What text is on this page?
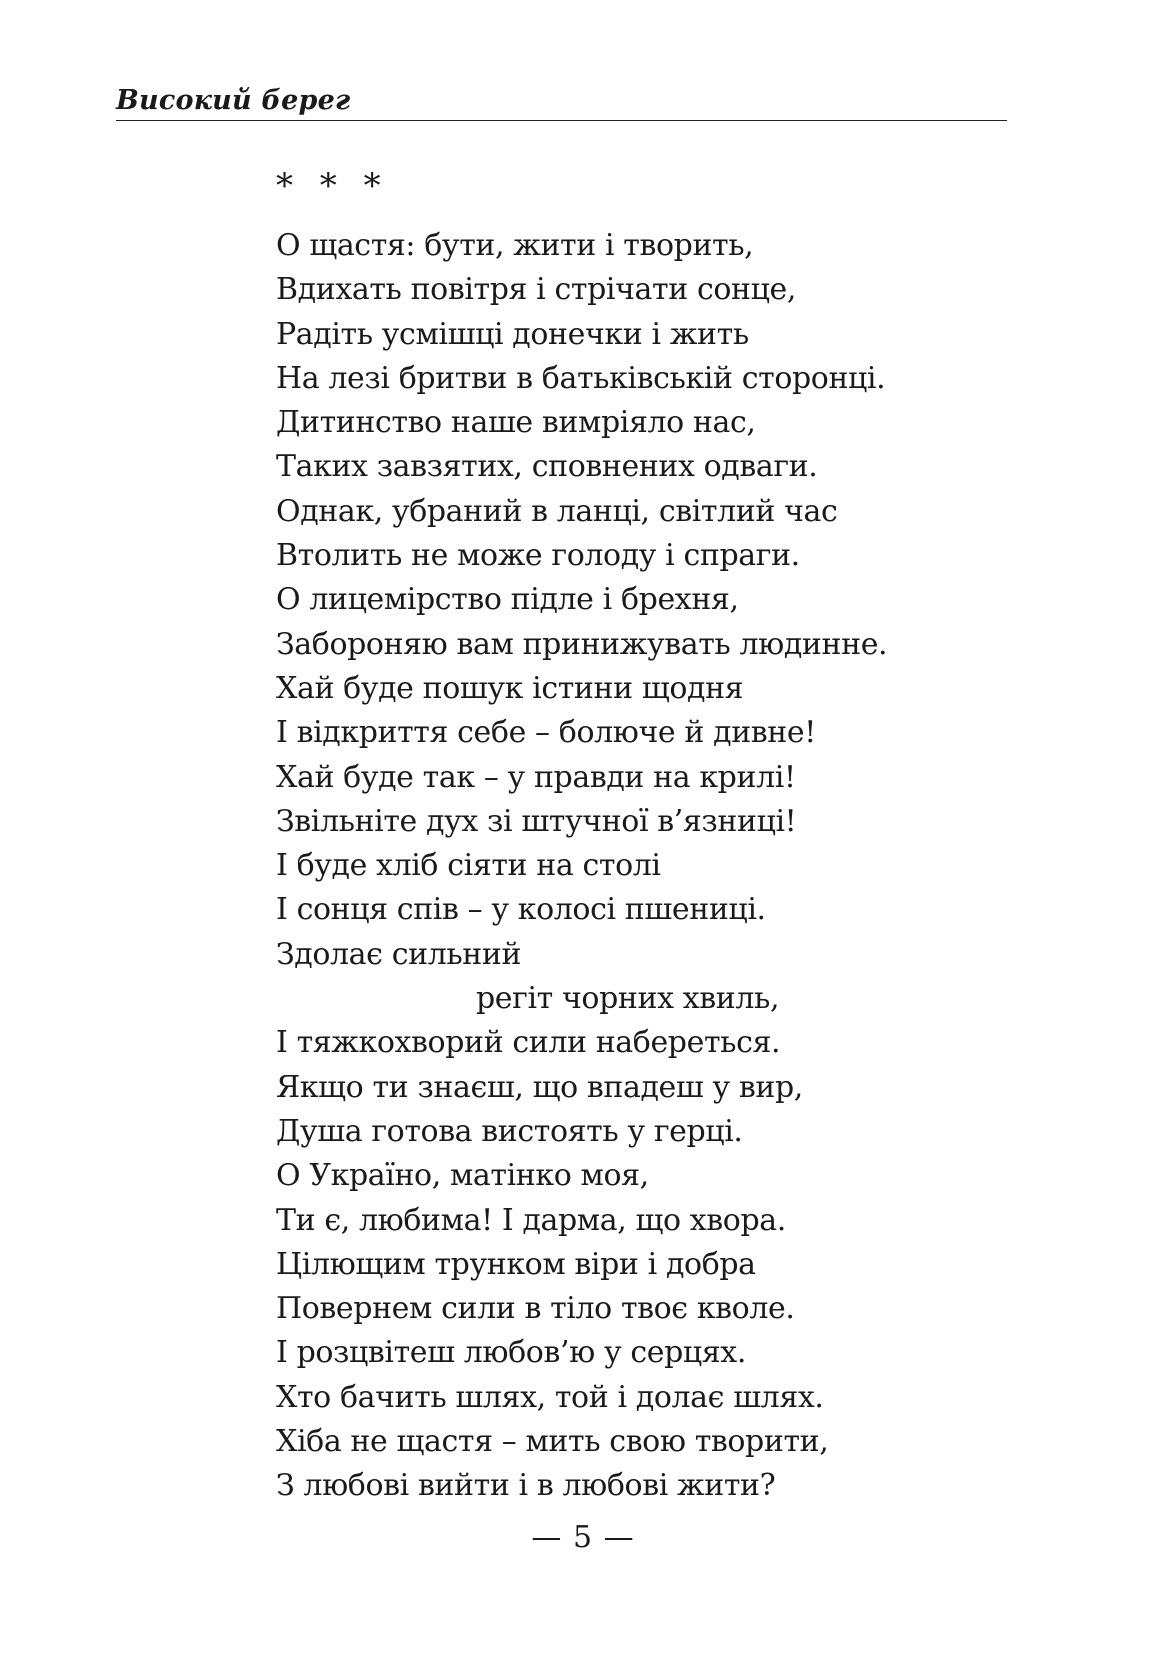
Високий берег
* * *
О щастя: бути, жити і творить,
Вдихать повітря і стрічати сонце,
Радіть усмішці донечки і жить
На лезі бритви в батьківській сторонці.
Дитинство наше вимріяло нас,
Таких завзятих, сповнених одваги.
Однак, убраний в ланці, світлий час
Втолить не може голоду і спраги.
О лицемірство підле і брехня,
Забороняю вам принижувать людинне.
Хай буде пошук істини щодня
І відкриття себе – болюче й дивне!
Хай буде так – у правди на крилі!
Звільніте дух зі штучної в’язниці!
І буде хліб сіяти на столі
І сонця спів – у колосі пшениці.
Здолає сильний
регіт чорних хвиль,
І тяжкохворий сили набереться.
Якщо ти знаєш, що впадеш у вир,
Душа готова вистоять у герці.
О Україно, матінко моя,
Ти є, любима! І дарма, що хвора.
Цілющим трунком віри і добра
Повернем сили в тіло твоє кволе.
І розцвітеш любов’ю у серцях.
Хто бачить шлях, той і долає шлях.
Хіба не щастя – мить свою творити,
З любові вийти і в любові жити?
— 5 —
